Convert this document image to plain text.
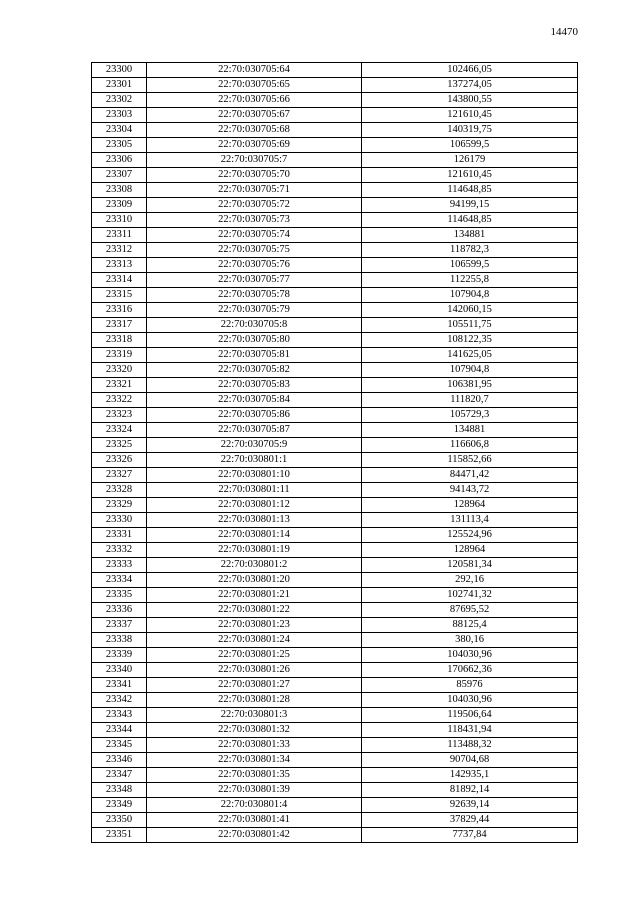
14470
23300	22:70:030705:64	102466,05
23301	22:70:030705:65	137274,05
23302	22:70:030705:66	143800,55
23303	22:70:030705:67	121610,45
23304	22:70:030705:68	140319,75
23305	22:70:030705:69	106599,5
23306	22:70:030705:7	126179
23307	22:70:030705:70	121610,45
23308	22:70:030705:71	114648,85
23309	22:70:030705:72	94199,15
23310	22:70:030705:73	114648,85
23311	22:70:030705:74	134881
23312	22:70:030705:75	118782,3
23313	22:70:030705:76	106599,5
23314	22:70:030705:77	112255,8
23315	22:70:030705:78	107904,8
23316	22:70:030705:79	142060,15
23317	22:70:030705:8	105511,75
23318	22:70:030705:80	108122,35
23319	22:70:030705:81	141625,05
23320	22:70:030705:82	107904,8
23321	22:70:030705:83	106381,95
23322	22:70:030705:84	111820,7
23323	22:70:030705:86	105729,3
23324	22:70:030705:87	134881
23325	22:70:030705:9	116606,8
23326	22:70:030801:1	115852,66
23327	22:70:030801:10	84471,42
23328	22:70:030801:11	94143,72
23329	22:70:030801:12	128964
23330	22:70:030801:13	131113,4
23331	22:70:030801:14	125524,96
23332	22:70:030801:19	128964
23333	22:70:030801:2	120581,34
23334	22:70:030801:20	292,16
23335	22:70:030801:21	102741,32
23336	22:70:030801:22	87695,52
23337	22:70:030801:23	88125,4
23338	22:70:030801:24	380,16
23339	22:70:030801:25	104030,96
23340	22:70:030801:26	170662,36
23341	22:70:030801:27	85976
23342	22:70:030801:28	104030,96
23343	22:70:030801:3	119506,64
23344	22:70:030801:32	118431,94
23345	22:70:030801:33	113488,32
23346	22:70:030801:34	90704,68
23347	22:70:030801:35	142935,1
23348	22:70:030801:39	81892,14
23349	22:70:030801:4	92639,14
23350	22:70:030801:41	37829,44
23351	22:70:030801:42	7737,84
